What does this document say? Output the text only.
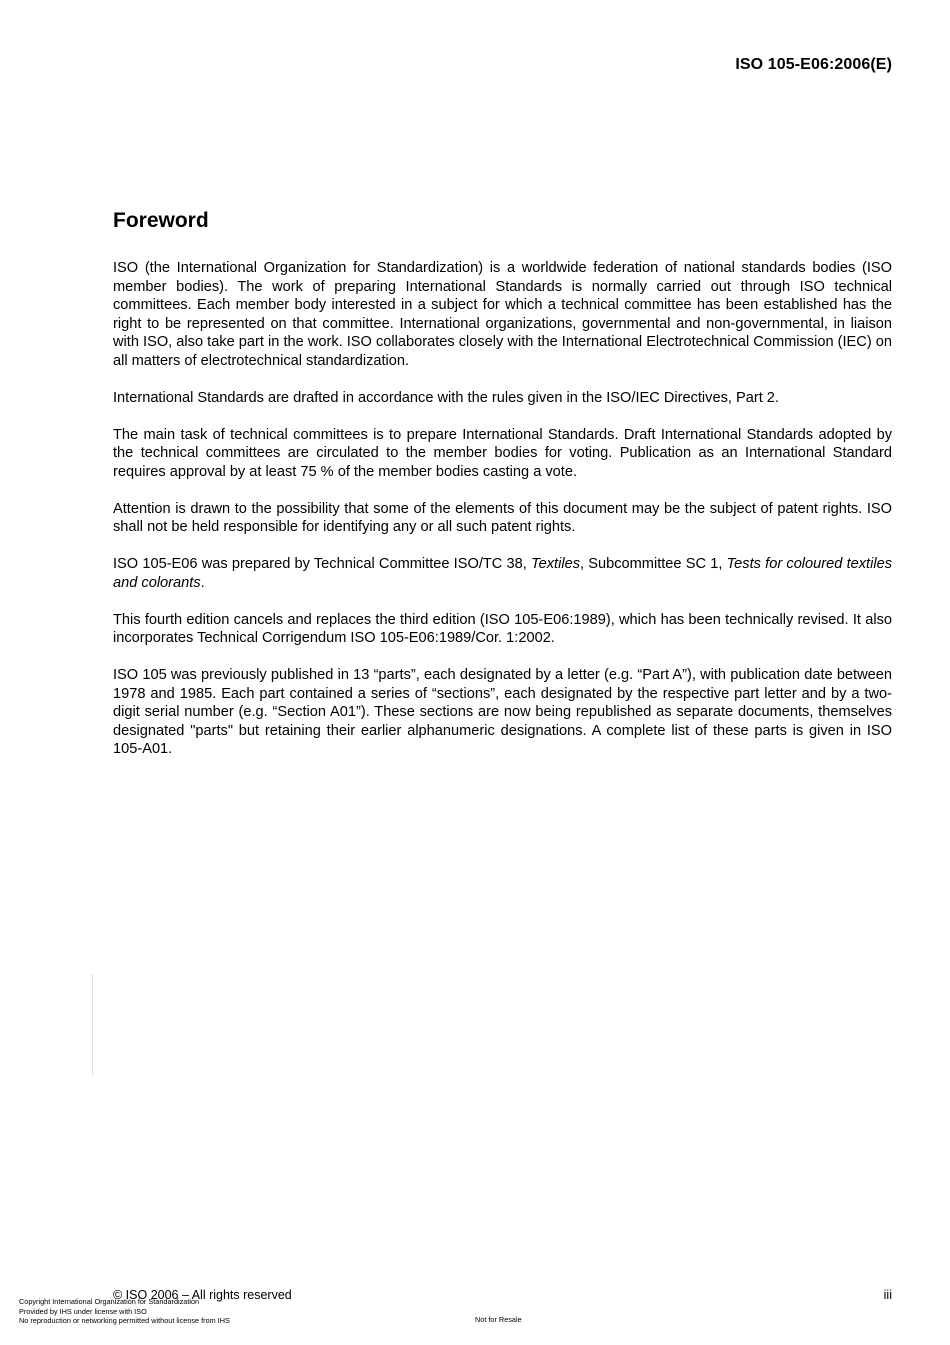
ISO 105-E06:2006(E)
Foreword

ISO (the International Organization for Standardization) is a worldwide federation of national standards bodies (ISO member bodies). The work of preparing International Standards is normally carried out through ISO technical committees. Each member body interested in a subject for which a technical committee has been established has the right to be represented on that committee. International organizations, governmental and non-governmental, in liaison with ISO, also take part in the work. ISO collaborates closely with the International Electrotechnical Commission (IEC) on all matters of electrotechnical standardization.

International Standards are drafted in accordance with the rules given in the ISO/IEC Directives, Part 2.

The main task of technical committees is to prepare International Standards. Draft International Standards adopted by the technical committees are circulated to the member bodies for voting. Publication as an International Standard requires approval by at least 75 % of the member bodies casting a vote.

Attention is drawn to the possibility that some of the elements of this document may be the subject of patent rights. ISO shall not be held responsible for identifying any or all such patent rights.

ISO 105-E06 was prepared by Technical Committee ISO/TC 38, Textiles, Subcommittee SC 1, Tests for coloured textiles and colorants.

This fourth edition cancels and replaces the third edition (ISO 105-E06:1989), which has been technically revised. It also incorporates Technical Corrigendum ISO 105-E06:1989/Cor. 1:2002.

ISO 105 was previously published in 13 “parts”, each designated by a letter (e.g. “Part A”), with publication date between 1978 and 1985. Each part contained a series of “sections”, each designated by the respective part letter and by a two-digit serial number (e.g. “Section A01”). These sections are now being republished as separate documents, themselves designated "parts" but retaining their earlier alphanumeric designations. A complete list of these parts is given in ISO 105-A01.

© ISO 2006 – All rights reserved	iii
Copyright International Organization for Standardization
Provided by IHS under license with ISO
No reproduction or networking permitted without license from IHS	Not for Resale
